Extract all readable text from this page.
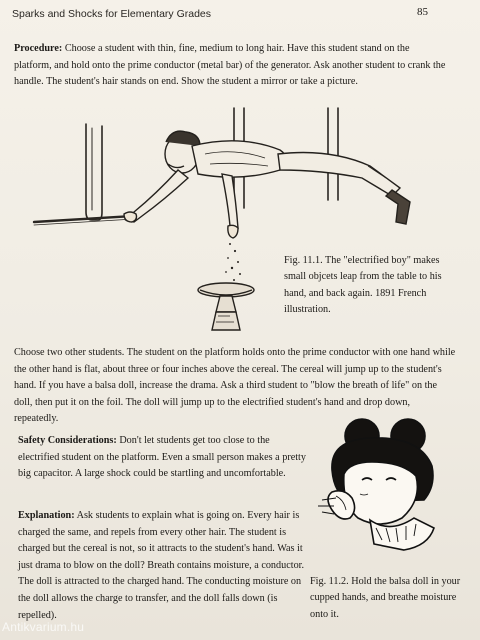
Sparks and Shocks for Elementary Grades	85

Procedure: Choose a student with thin, fine, medium to long hair. Have this student stand on the platform, and hold onto the prime conductor (metal bar) of the generator. Ask another student to crank the handle. The student's hair stands on end. Show the student a mirror or take a picture.

Fig. 11.1. The "electrified boy" makes small objcets leap from the table to his hand, and back again. 1891 French illustration.

Choose two other students. The student on the platform holds onto the prime conductor with one hand while the other hand is flat, about three or four inches above the cereal. The cereal will jump up to the student's hand. If you have a balsa doll, increase the drama. Ask a third student to "blow the breath of life" on the doll, then put it on the foil. The doll will jump up to the electrified student's hand and drop down, repeatedly.

Safety Considerations: Don't let students get too close to the electrified student on the platform. Even a small person makes a pretty big capacitor. A large shock could be startling and uncomfortable.

Explanation: Ask students to explain what is going on. Every hair is charged the same, and repels from every other hair. The student is charged but the cereal is not, so it attracts to the student's hand. Was it just drama to blow on the doll? Breath contains moisture, a conductor. The doll is attracted to the charged hand. The conducting moisture on the doll allows the charge to transfer, and the doll falls down (is repelled).

Fig. 11.2. Hold the balsa doll in your cupped hands, and breathe moisture onto it.

Antikvarium.hu
